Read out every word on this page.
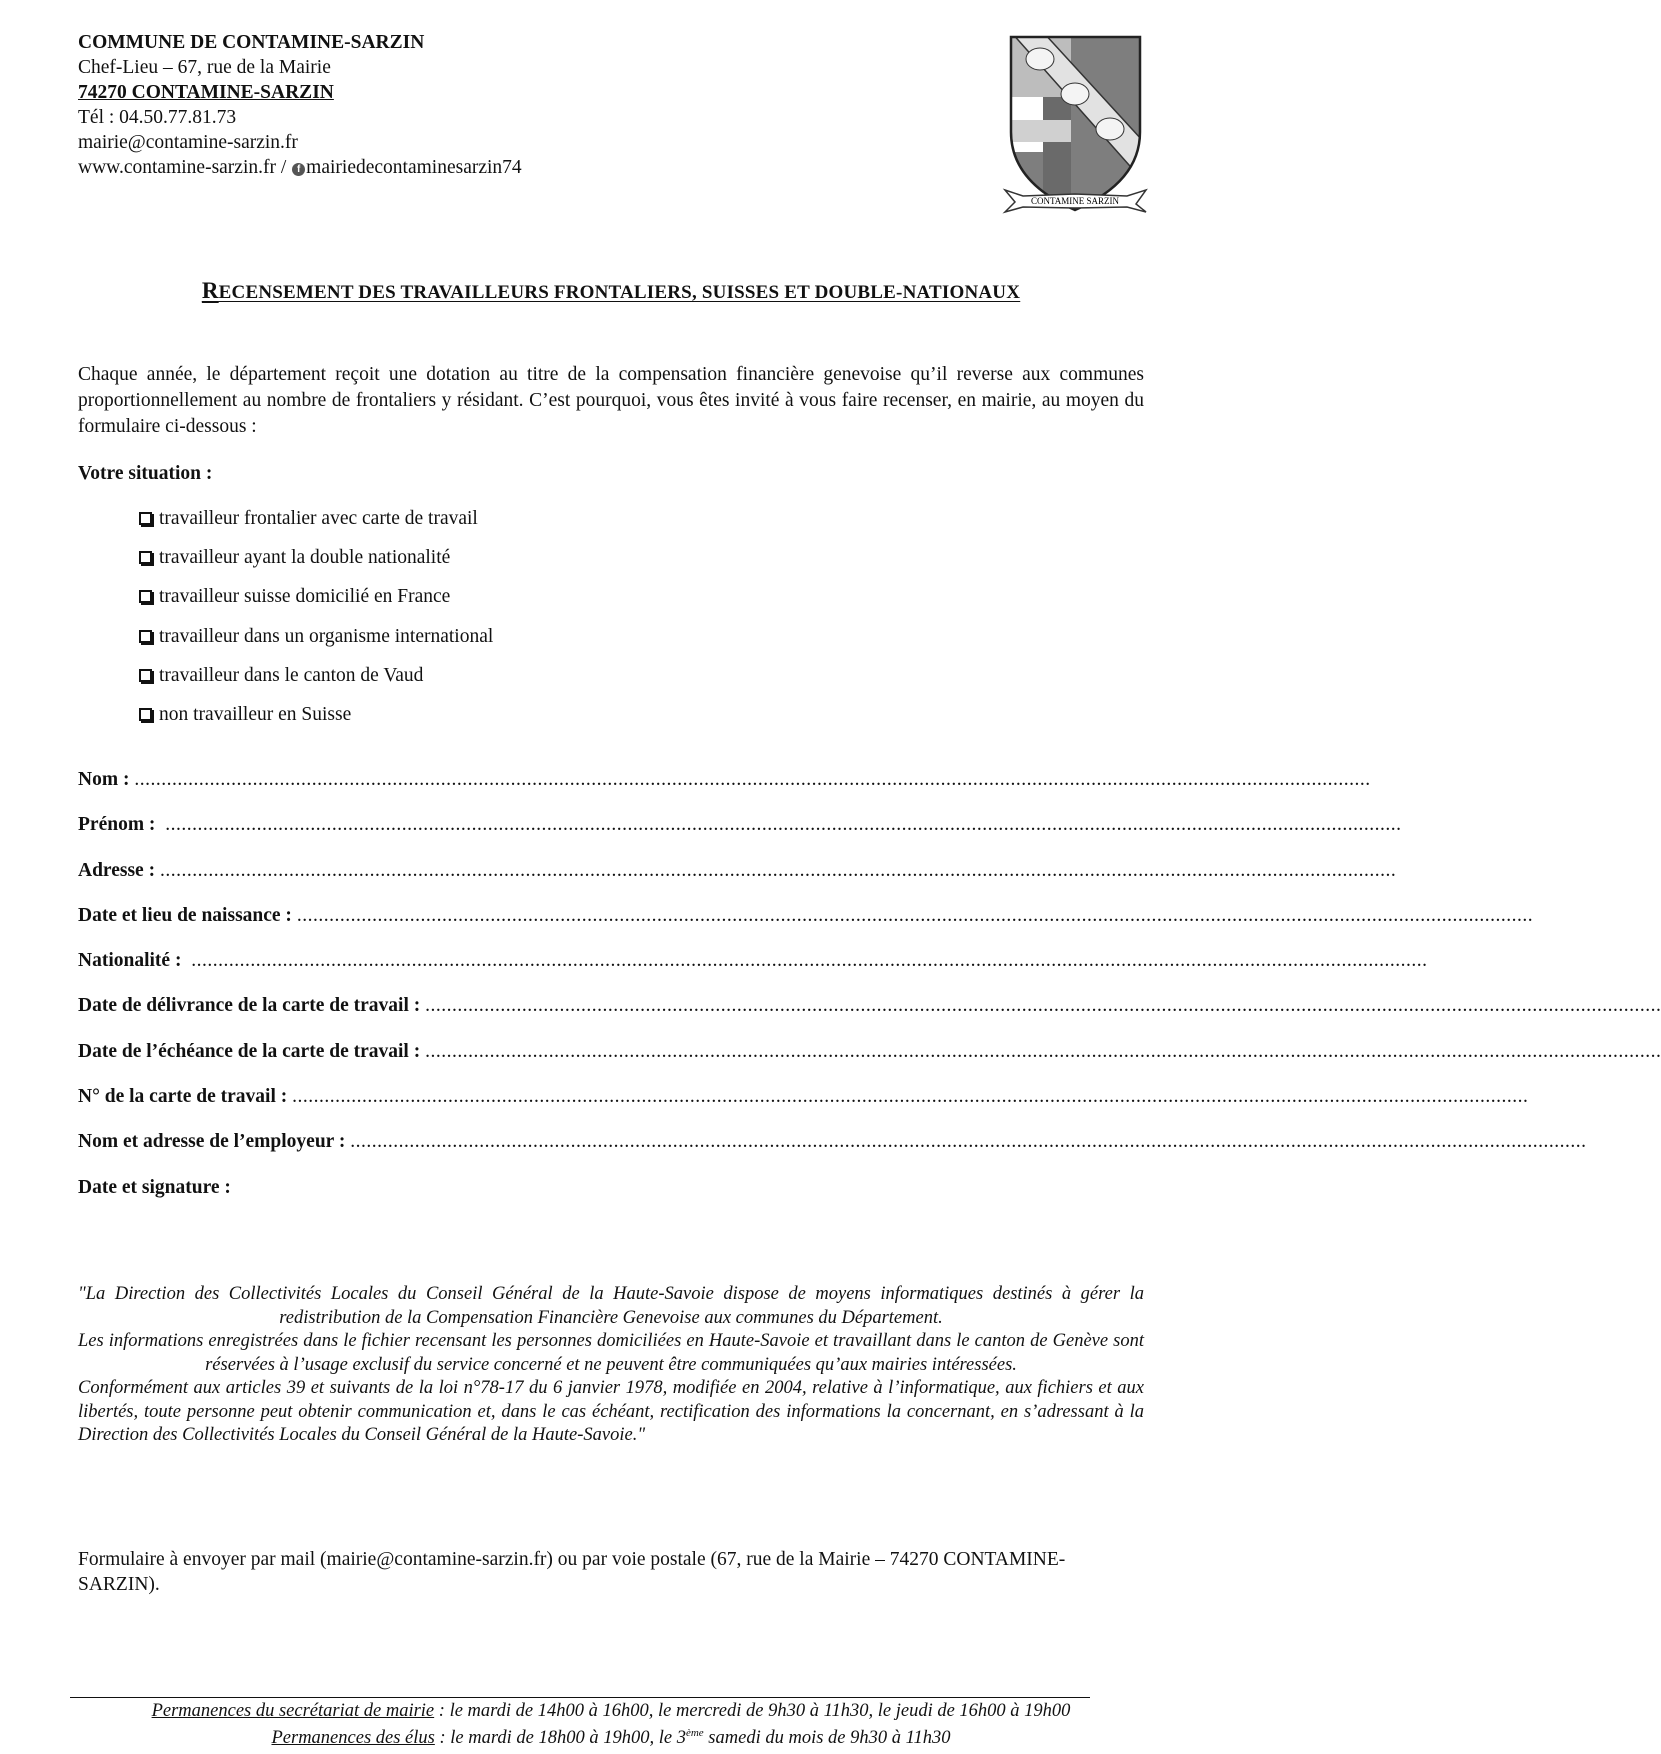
COMMUNE DE CONTAMINE-SARZIN
Chef-Lieu – 67, rue de la Mairie
74270 CONTAMINE-SARZIN
Tél : 04.50.77.81.73
mairie@contamine-sarzin.fr
www.contamine-sarzin.fr / f mairiedecontaminesarzin74
CONTAMINE SARZIN
RECENSEMENT DES TRAVAILLEURS FRONTALIERS, SUISSES ET DOUBLE-NATIONAUX
Chaque année, le département reçoit une dotation au titre de la compensation financière genevoise qu’il reverse aux communes proportionnellement au nombre de frontaliers y résidant. C’est pourquoi, vous êtes invité à vous faire recenser, en mairie, au moyen du formulaire ci-dessous :
Votre situation :
travailleur frontalier avec carte de travail
travailleur ayant la double nationalité
travailleur suisse domicilié en France
travailleur dans un organisme international
travailleur dans le canton de Vaud
non travailleur en Suisse
Nom : ......................................................................................................................................................................................................................................
Prénom : ......................................................................................................................................................................................................................................
Adresse : ......................................................................................................................................................................................................................................
Date et lieu de naissance : ......................................................................................................................................................................................................................................
Nationalité : ......................................................................................................................................................................................................................................
Date de délivrance de la carte de travail : ......................................................................................................................................................................................................................................
Date de l’échéance de la carte de travail : ......................................................................................................................................................................................................................................
N° de la carte de travail : ......................................................................................................................................................................................................................................
Nom et adresse de l’employeur : ......................................................................................................................................................................................................................................
Date et signature :

"La Direction des Collectivités Locales du Conseil Général de la Haute-Savoie dispose de moyens informatiques destinés à gérer la redistribution de la Compensation Financière Genevoise aux communes du Département.

Les informations enregistrées dans le fichier recensant les personnes domiciliées en Haute-Savoie et travaillant dans le canton de Genève sont réservées à l’usage exclusif du service concerné et ne peuvent être communiquées qu’aux mairies intéressées.

Conformément aux articles 39 et suivants de la loi n°78-17 du 6 janvier 1978, modifiée en 2004, relative à l’informatique, aux fichiers et aux libertés, toute personne peut obtenir communication et, dans le cas échéant, rectification des informations la concernant, en s’adressant à la Direction des Collectivités Locales du Conseil Général de la Haute-Savoie."

Formulaire à envoyer par mail (mairie@contamine-sarzin.fr) ou par voie postale (67, rue de la Mairie – 74270 CONTAMINE-SARZIN).
Permanences du secrétariat de mairie : le mardi de 14h00 à 16h00, le mercredi de 9h30 à 11h30, le jeudi de 16h00 à 19h00
Permanences des élus : le mardi de 18h00 à 19h00, le 3ème samedi du mois de 9h30 à 11h30
